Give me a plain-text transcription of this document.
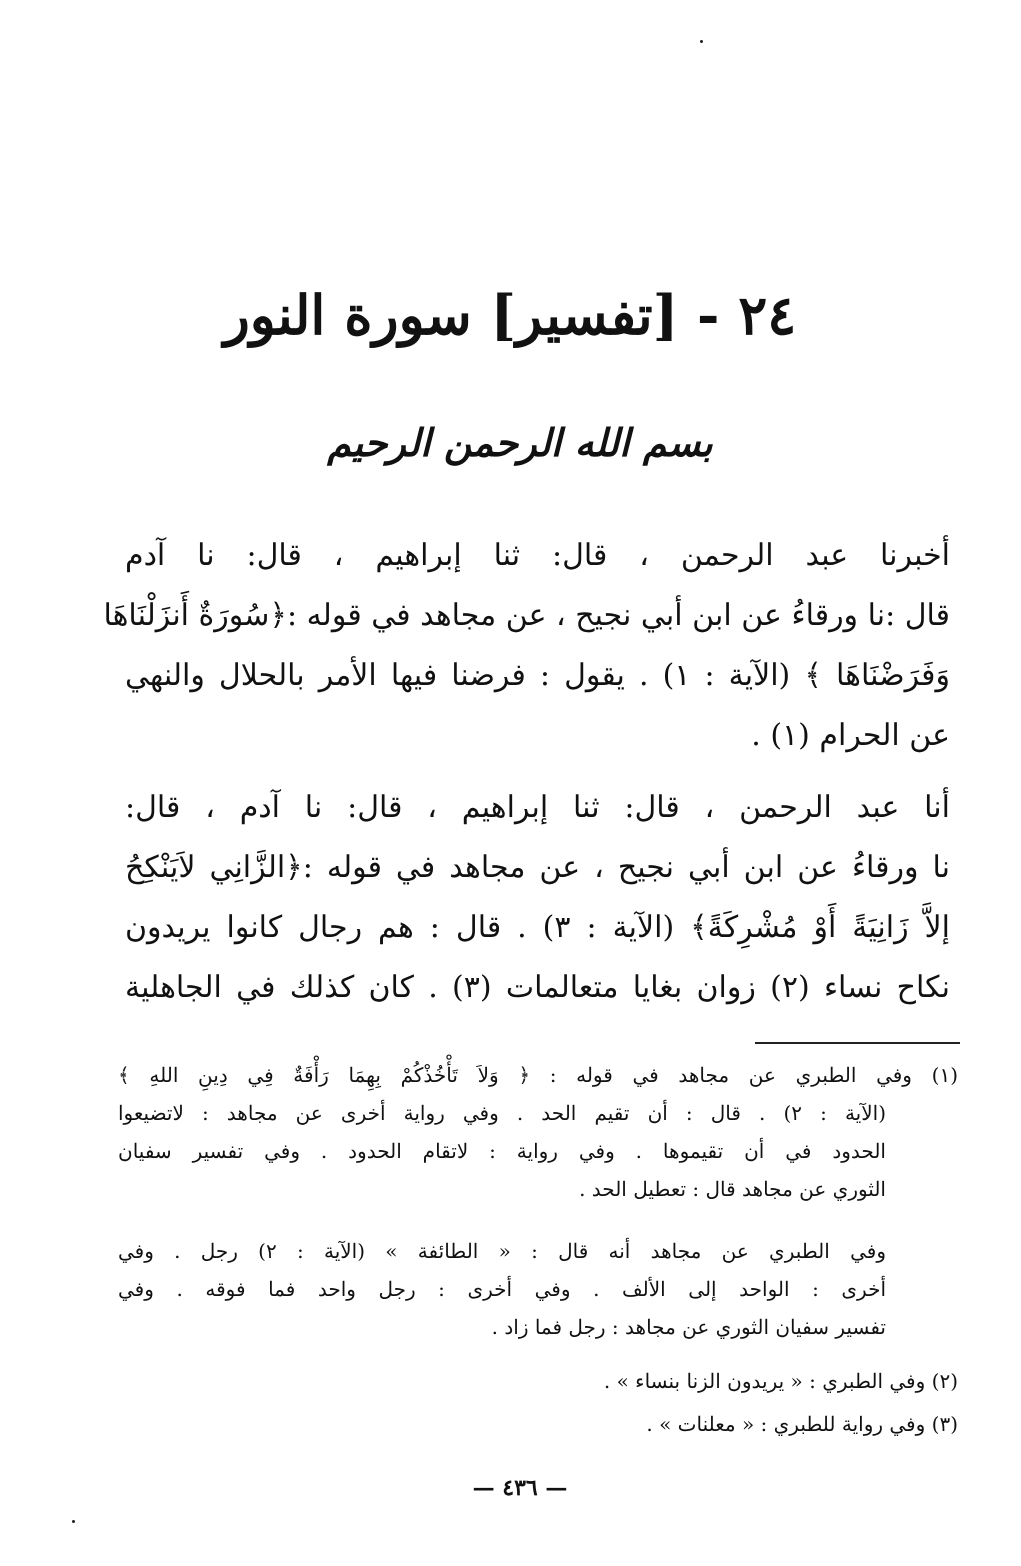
٢٤ - [تفسير] سورة النور
بسم الله الرحمن الرحيم
أخبرنا عبد الرحمن ، قال: ثنا إبراهيم ، قال: نا آدم
قال :نا ورقاءُ عن ابن أبي نجيح ، عن مجاهد في قوله :﴿سُورَةٌ أَنزَلْنَاهَا
وَفَرَضْنَاهَا ﴾ (الآية : ١) . يقول : فرضنا فيها الأمر بالحلال والنهي
عن الحرام (١) .
أنا عبد الرحمن ، قال: ثنا إبراهيم ، قال: نا آدم ، قال:
نا ورقاءُ عن ابن أبي نجيح ، عن مجاهد في قوله :﴿الزَّانِي لاَيَنْكِحُ
إلاَّ زَانِيَةً أَوْ مُشْرِكَةً﴾ (الآية : ٣) . قال : هم رجال كانوا يريدون
نكاح نساء (٢) زوان بغايا متعالمات (٣) . كان كذلك في الجاهلية
(١) وفي الطبري عن مجاهد في قوله : ﴿ وَلاَ تَأْخُذْكُمْ بِهِمَا رَأْفَةٌ فِي دِينِ اللهِ ﴾
(الآية : ٢) . قال : أن تقيم الحد . وفي رواية أخرى عن مجاهد : لاتضيعوا
الحدود في أن تقيموها . وفي رواية : لاتقام الحدود . وفي تفسير سفيان
الثوري عن مجاهد قال : تعطيل الحد .
وفي الطبري عن مجاهد أنه قال : « الطائفة » (الآية : ٢) رجل . وفي
أخرى : الواحد إلى الألف . وفي أخرى : رجل واحد فما فوقه . وفي
تفسير سفيان الثوري عن مجاهد : رجل فما زاد .
(٢) وفي الطبري : « يريدون الزنا بنساء » .
(٣) وفي رواية للطبري : « معلنات » .
— ٤٣٦ —
